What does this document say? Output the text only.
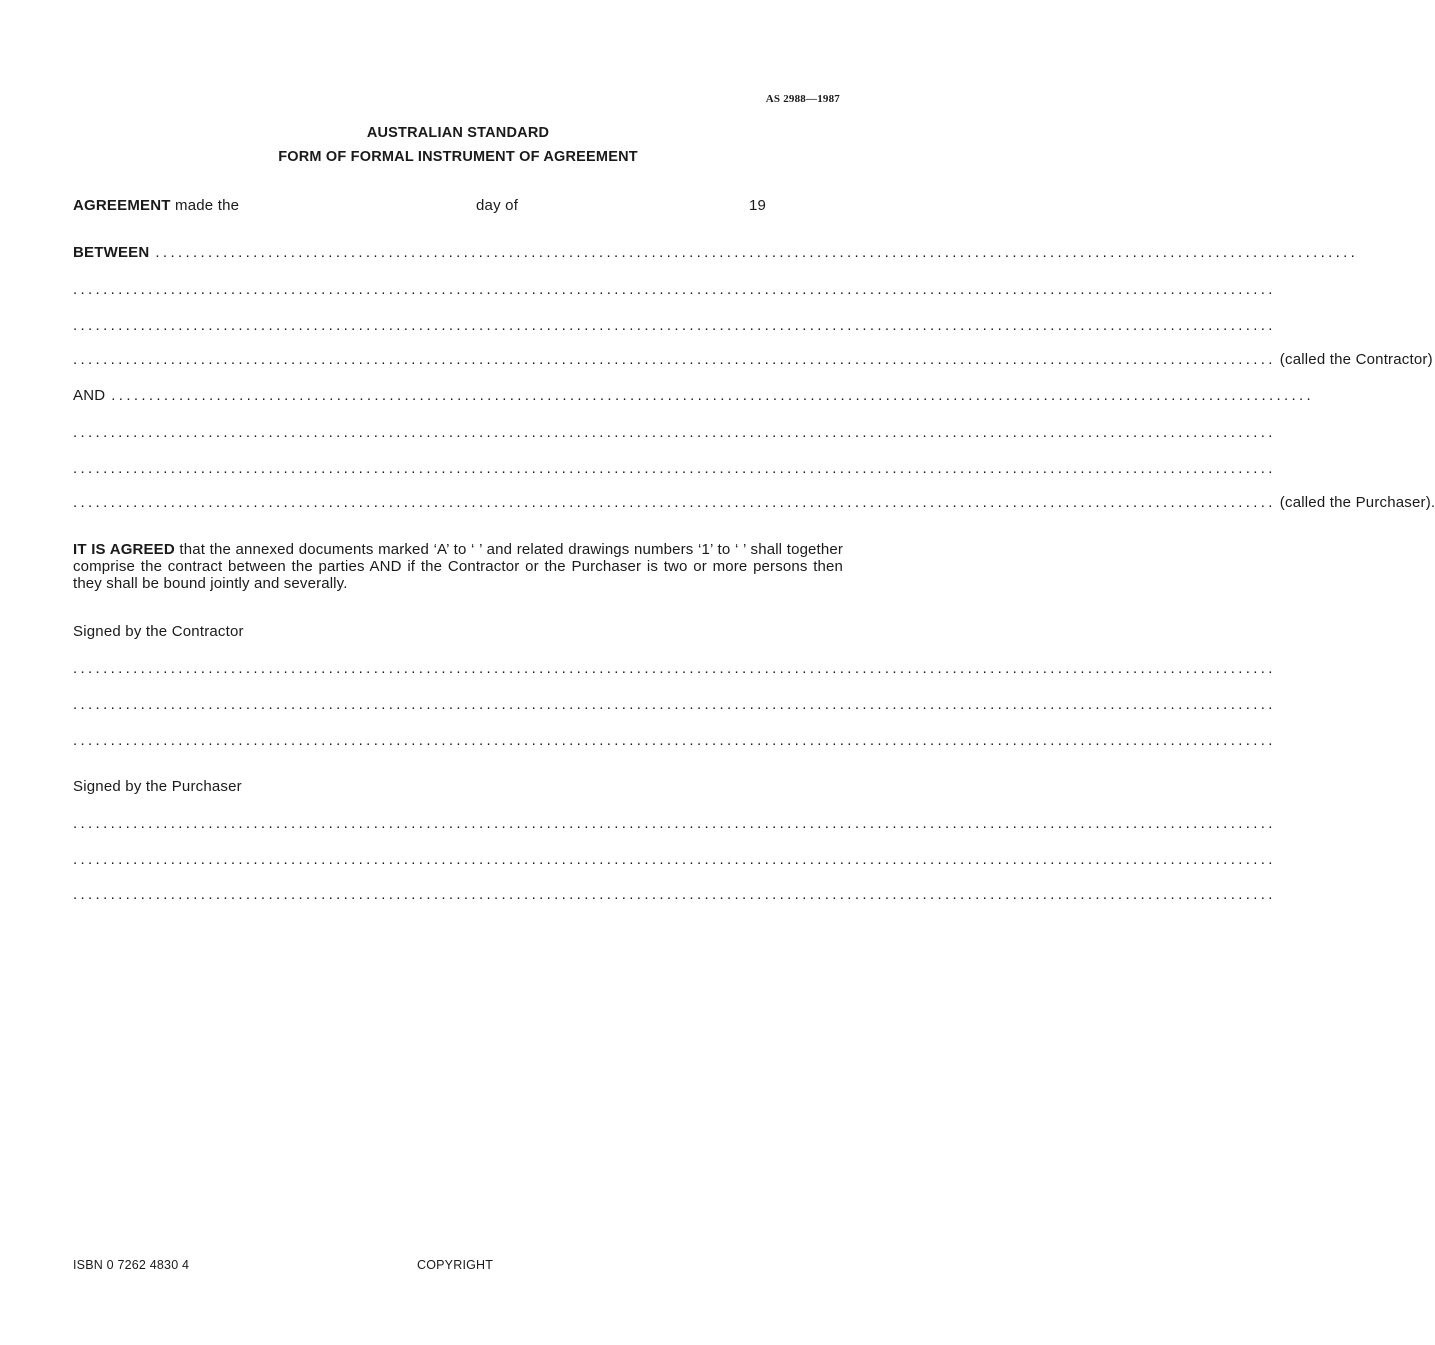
AS 2988—1987
AUSTRALIAN STANDARD
FORM OF FORMAL INSTRUMENT OF AGREEMENT
AGREEMENT made the	day of	19
BETWEEN ................................................................................................................................................................
................................................................................................................................................................
................................................................................................................................................................
................................................................................................................................................................ (called the Contractor)
AND ................................................................................................................................................................
................................................................................................................................................................
................................................................................................................................................................
................................................................................................................................................................ (called the Purchaser).
IT IS AGREED that the annexed documents marked ‘A’ to ‘ ’ and related drawings numbers ‘1’ to ‘ ’ shall together comprise the contract between the parties AND if the Contractor or the Purchaser is two or more persons then they shall be bound jointly and severally.
Signed by the Contractor
................................................................................................................................................................
................................................................................................................................................................
................................................................................................................................................................
Signed by the Purchaser
................................................................................................................................................................
................................................................................................................................................................
................................................................................................................................................................
ISBN 0 7262 4830 4	COPYRIGHT
